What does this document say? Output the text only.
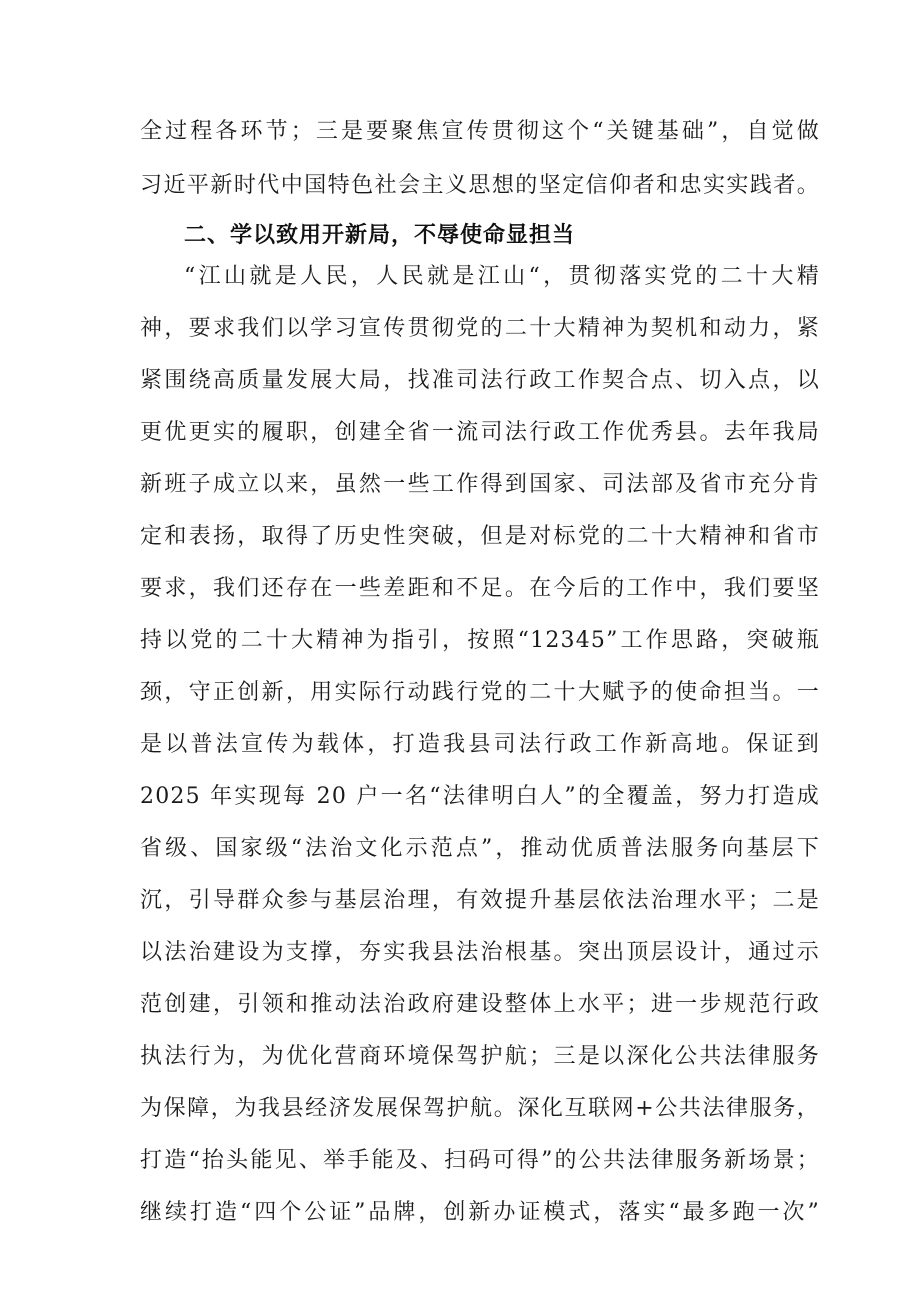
全过程各环节；三是要聚焦宣传贯彻这个“关键基础”，自觉做
习近平新时代中国特色社会主义思想的坚定信仰者和忠实实践者。
二、学以致用开新局，不辱使命显担当
“江山就是人民，人民就是江山“，贯彻落实党的二十大精
神，要求我们以学习宣传贯彻党的二十大精神为契机和动力，紧
紧围绕高质量发展大局，找准司法行政工作契合点、切入点，以
更优更实的履职，创建全省一流司法行政工作优秀县。去年我局
新班子成立以来，虽然一些工作得到国家、司法部及省市充分肯
定和表扬，取得了历史性突破，但是对标党的二十大精神和省市
要求，我们还存在一些差距和不足。在今后的工作中，我们要坚
持以党的二十大精神为指引，按照“12345”工作思路，突破瓶
颈，守正创新，用实际行动践行党的二十大赋予的使命担当。一
是以普法宣传为载体，打造我县司法行政工作新高地。保证到
2025 年实现每 20 户一名“法律明白人”的全覆盖，努力打造成
省级、国家级“法治文化示范点”，推动优质普法服务向基层下
沉，引导群众参与基层治理，有效提升基层依法治理水平；二是
以法治建设为支撑，夯实我县法治根基。突出顶层设计，通过示
范创建，引领和推动法治政府建设整体上水平；进一步规范行政
执法行为，为优化营商环境保驾护航；三是以深化公共法律服务
为保障，为我县经济发展保驾护航。深化互联网+公共法律服务，
打造“抬头能见、举手能及、扫码可得”的公共法律服务新场景；
继续打造“四个公证”品牌，创新办证模式，落实“最多跑一次”
